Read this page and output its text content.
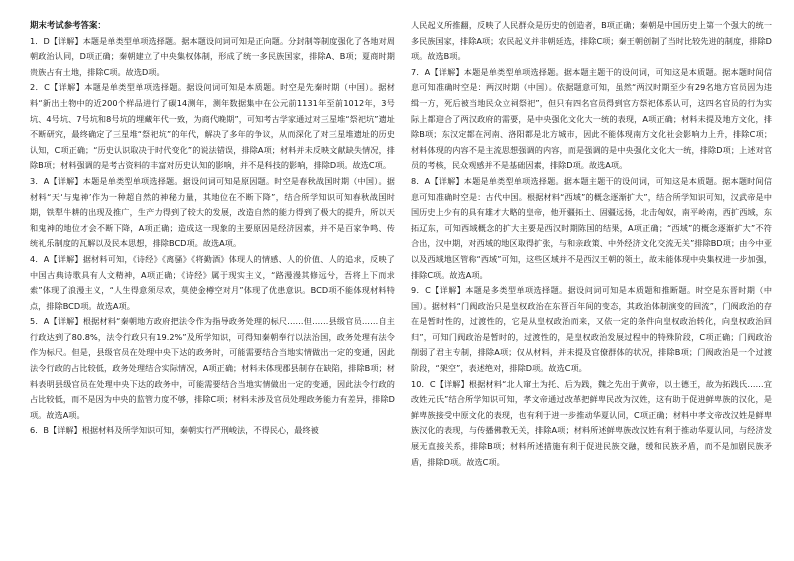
期末考试参考答案：

1．D【详解】本题是单类型单项选择题。据本题设问词可知是正向题。分封制等制度强化了各地对周朝政治认同，D项正确；秦朝建立了中央集权体制，形成了统一多民族国家，排除A、B项；夏商时期贵族占有土地，排除C项。故选D项。

2．C【详解】本题是单类型单项选择题。据设问词可知是本质题。时空是先秦时期（中国）。据材料“新出土物中的近200个样品进行了碳14测年，测年数据集中在公元前1131年至前1012年，3号坑、4号坑、7号坑和8号坑的埋藏年代一致，为商代晚期”，可知考古学家通过对三星堆“祭祀坑”遗址不断研究，最终确定了三星堆“祭祀坑”的年代，解决了多年的争议，从而深化了对三星堆遗址的历史认知，C项正确；“历史认识取决于时代变化”的说法错误，排除A项；材料并未反映文献缺失情况，排除B项；材料强调的是考古资料的丰富对历史认知的影响，并不是科技的影响，排除D项。故选C项。

3．A【详解】本题是单类型单项选择题。据设问词可知是原因题。时空是春秋战国时期（中国）。据材料“天‘与鬼神’作为一种超自然的神秘力量，其地位在不断下降”，结合所学知识可知春秋战国时期，铁犁牛耕的出现及推广，生产力得到了较大的发展，改造自然的能力得到了极大的提升，所以天和鬼神的地位才会不断下降，A项正确；造成这一现象的主要原因是经济因素，并不是百家争鸣、传统礼乐制度的瓦解以及民本思想，排除BCD项。故选A项。

4．A【详解】据材料可知，《诗经》《离骚》《将勤酒》体现人的情感、人的价值、人的追求，反映了中国古典诗歌具有人文精神，A项正确；《诗经》属于现实主义，“路漫漫其修远兮，吾将上下而求索”体现了浪漫主义，“人生得意须尽欢，莫使金樽空对月”体现了优患意识。BCD项不能体现材料特点，排除BCD项。故选A项。

5．A【详解】根据材料“秦朝地方政府把法令作为指导政务处理的标尺……但……县级官员……自主行政达到了80.8%，法令行政只有19.2%”及所学知识，可得知秦朝奉行以法治国，政务处理有法令作为标尺。但是，县级官员在处理中央下达的政务时，可能需要结合当地实情做出一定的变通，因此法令行政的占比较低，政务处理结合实际情况，A项正确；材料未体现郡县制存在缺陷，排除B项；材料表明县级官员在处理中央下达的政务中，可能需要结合当地实情做出一定的变通，因此法令行政的占比较低，而不是因为中央的监管力度不够，排除C项；材料未涉及官员处理政务能力有差异，排除D项。故选A项。

6．B【详解】根据材料及所学知识可知，秦朝实行严刑峻法，不得民心，最终被

人民起义所推翻，反映了人民群众是历史的创造者，B项正确；秦朝是中国历史上第一个强大的统一多民族国家，排除A项；农民起义并非朝廷选，排除C项；秦王朝创制了当时比较先进的制度，排除D项。故选B项。

7．A【详解】本题是单类型单项选择题。据本题主题干的设问词，可知这是本质题。据本题时间信息可知准确时空是：两汉时期（中国）。依据题意可知，虽然“两汉时期至少有29名地方官员因为违缉一方，死后被当地民众立祠祭祀”，但只有四名官员得到官方祭祀体系认可，这四名官员的行为实际上都迎合了两汉政府的需要，是中央强化文化大一统的表现，A项正确；材料未提及地方文化，排除B项；东汉定都在河南、洛阳都是北方城市，因此不能体现南方文化社会影响力上升，排除C项；材料体现的内容不是主流思想强调的内容，而是强调的是中央强化文化大一统，排除D项；上述对官员的考核，民众观感并不是基础因素，排除D项。故选A项。

8．A【详解】本题是单类型单项选择题。据本题主题干的设问词，可知这是本质题。据本题时间信息可知准确时空是：古代中国。根据材料“西域”的概念逐渐扩大”，结合所学知识可知，汉武帝是中国历史上少有的具有雄才大略的皇帝，他开疆拓土、固疆远扬，北击匈奴，南平岭南，西扩西域，东拓辽东，可知西域概念的扩大主要是西汉时期陈国的结果，A项正确；“西域”的概念逐渐扩大”不符合出，汉中期，对西域的地区取得扩张，与和亲政策、中外经济文化交流无关”排除BD项；由今中亚以及西域地区管称“西域”可知，这些区域并不是西汉王朝的领土，故未能体现中央集权进一步加强，排除C项。故选A项。

9．C【详解】本题是多类型单项选择题。据设问词可知是本质题和推断题。时空是东晋时期（中国）。据材料“门阀政治只是皇权政治在东晋百年间的变态，其政治体制演变的回流”，门阀政治的存在是暂时性的，过渡性的，它是从皇权政治而来，又依一定的条件向皇权政治转化，向皇权政治回归”，可知门阀政治是暂时的，过渡性的，是皇权政治发展过程中的特殊阶段，C项正确；门阀政治削弱了君主专制，排除A项；仅从材料，并未提及官僚群体的状况，排除B项；门阀政治是一个过渡阶段，“架空”，表述绝对，排除D项。故选C项。

10．C【详解】根据材料“北人窜土为托、后为践，魏之先出于黄帝，以土德王，故为拓践氏……宜改姓元氏”结合所学知识可知，孝文帝通过改革把鲜卑民改为汉姓，这有助于促进鲜卑族的汉化，是鲜卑族接受中原文化的表现，也有利于进一步推动华夏认同，C项正确；材料中孝文帝改汉姓是鲜卑族汉化的表现，与传播佛教无关，排除A项；材料所述鲜卑族改汉姓有利于推动华夏认同，与经济发展无直接关系，排除B项；材料所述措施有利于促进民族交融，缓和民族矛盾，而不是加剧民族矛盾，排除D项。故选C项。
